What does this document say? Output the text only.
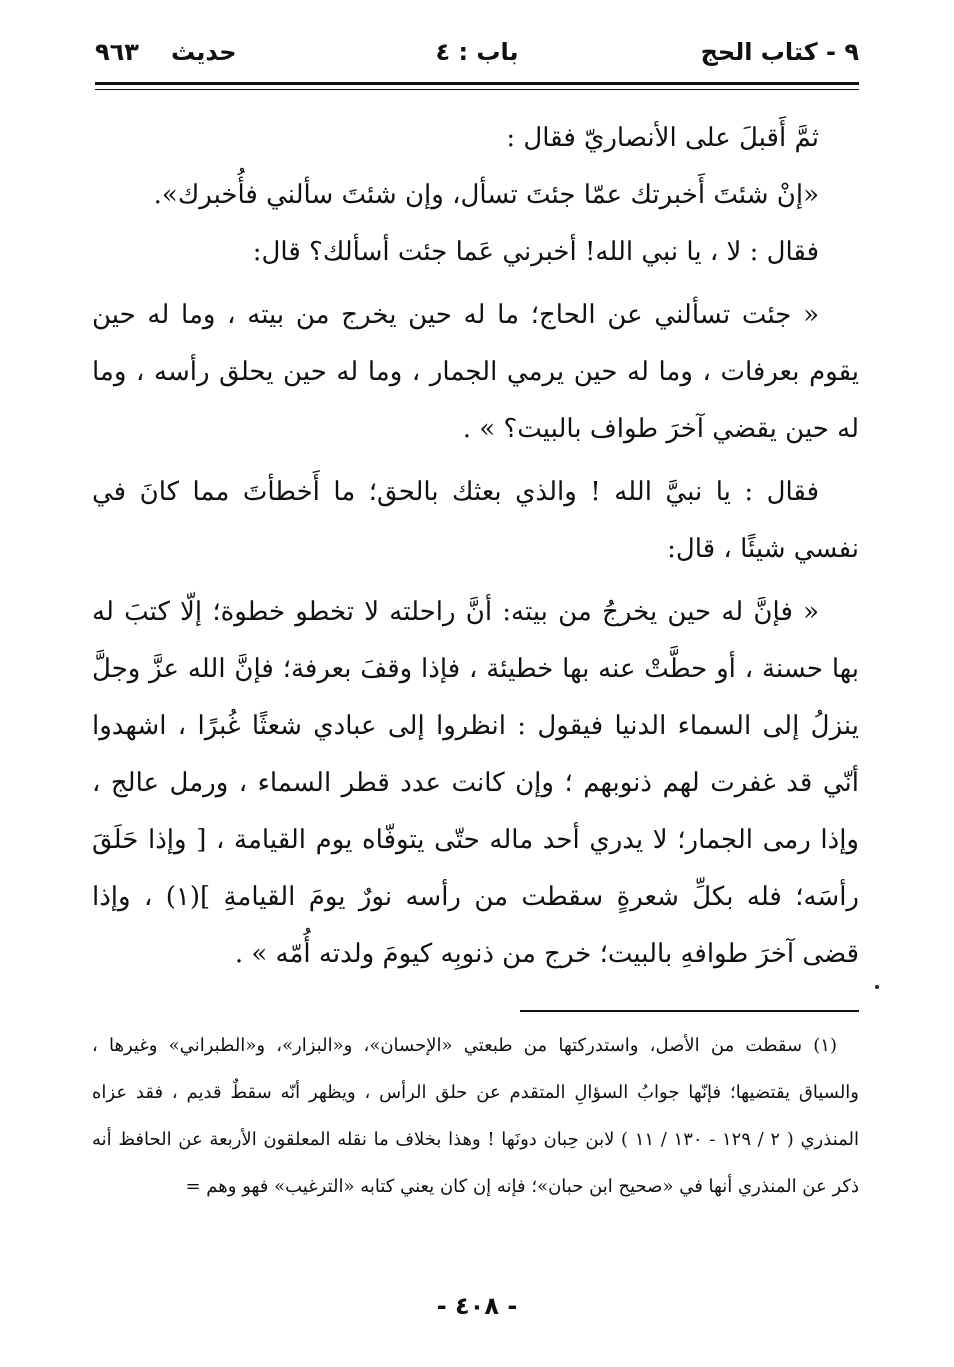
٩ - كتاب الحج
باب : ٤
حديث٩٦٣

ثمَّ أَقبلَ على الأنصاريّ فقال :

«إنْ شئتَ أَخبرتك عمّا جئتَ تسأل، وإن شئتَ سألني فأُخبرك».

فقال : لا ، يا نبي الله! أخبرني عَما جئت أسألك؟ قال:

« جئت تسألني عن الحاج؛ ما له حين يخرج من بيته ، وما له حين يقوم بعرفات ، وما له حين يرمي الجمار ، وما له حين يحلق رأسه ، وما له حين يقضي آخرَ طواف بالبيت؟ » .

فقال : يا نبيَّ الله ! والذي بعثك بالحق؛ ما أَخطأتَ مما كانَ في نفسي شيئًا ، قال:

« فإنَّ له حين يخرجُ من بيته: أنَّ راحلته لا تخطو خطوة؛ إلّا كتبَ له بها حسنة ، أو حطَّتْ عنه بها خطيئة ، فإذا وقفَ بعرفة؛ فإنَّ الله عزَّ وجلَّ ينزلُ إلى السماء الدنيا فيقول : انظروا إلى عبادي شعثًا غُبرًا ، اشهدوا أنّي قد غفرت لهم ذنوبهم ؛ وإن كانت عدد قطر السماء ، ورمل عالج ، وإذا رمى الجمار؛ لا يدري أحد ماله حتّى يتوفّاه يوم القيامة ، [ وإذا حَلَقَ رأسَه؛ فله بكلِّ شعرةٍ سقطت من رأسه نورٌ يومَ القيامةِ ](١) ، وإذا قضى آخرَ طوافهِ بالبيت؛ خرج من ذنوبِه كيومَ ولدته أُمّه » .

(١) سقطت من الأصل، واستدركتها من طبعتي «الإحسان»، و«البزار»، و«الطبراني» وغيرها ، والسياق يقتضيها؛ فإنّها جوابُ السؤالِ المتقدم عن حلق الرأس ، ويظهر أنّه سقطٌ قديم ، فقد عزاه المنذري ( ٢ / ١٢٩ - ١٣٠ / ١١ ) لابن حِبان دونَها ! وهذا بخلاف ما نقله المعلقون الأربعة عن الحافظ أنه ذكر عن المنذري أنها في «صحيح ابن حبان»؛ فإنه إن كان يعني كتابه «الترغيب» فهو وهم =

- ٤٠٨ -
